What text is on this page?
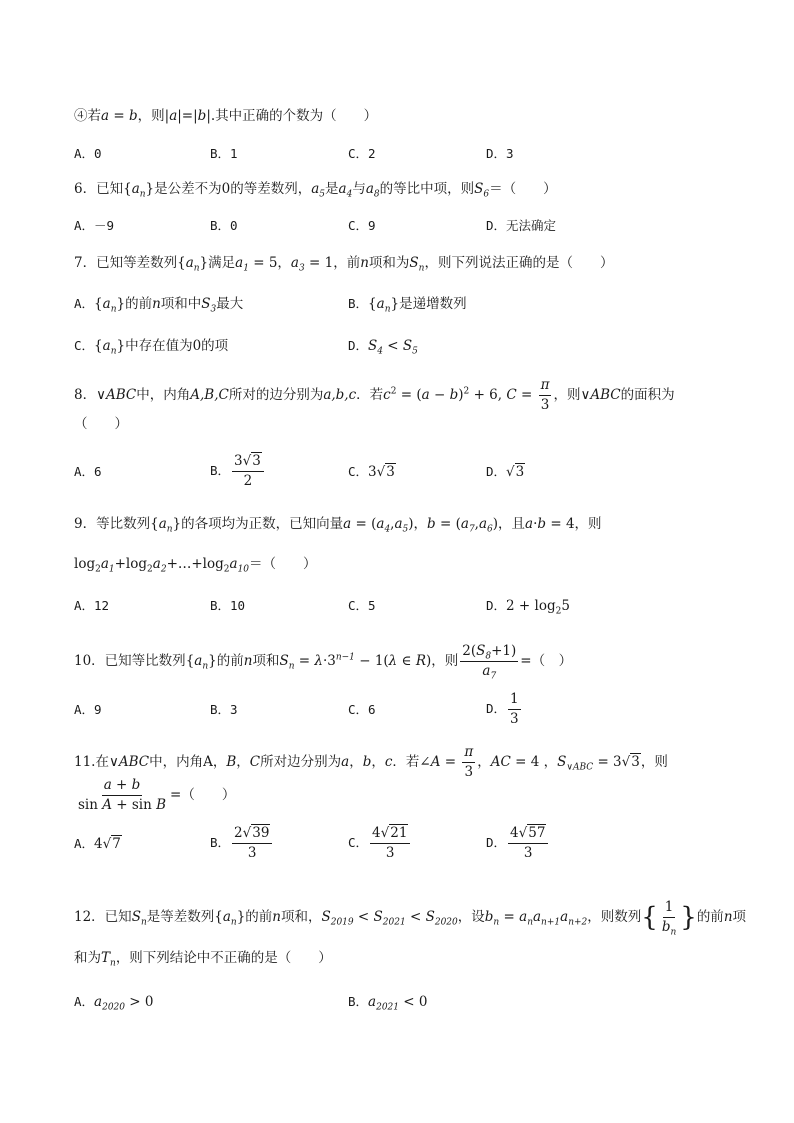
④若a = b，则|a|=|b|.其中正确的个数为（　　）
A．0	B．1	C．2	D．3
6．已知$\{a_n\}$是公差不为0的等差数列，$a_5$是$a_4$与$a_8$的等比中项，则$S_6=$（　　）
A．－9	B．0	C．9	D．无法确定
7．已知等差数列$\{a_n\}$满足$a_1 = 5$，$a_3 = 1$，前n项和为$S_n$，则下列说法正确的是（　　）
A．$\{a_n\}$的前n项和中$S_3$最大	B．$\{a_n\}$是递增数列
C．$\{a_n\}$中存在值为0的项	D．$S_4 < S_5$
8．∨ABC中，内角A,B,C所对的边分别为a,b,c．若$c^2 = (a - b)^2 + 6$, $C = \frac{\pi}{3}$ ，则∨ABC的面积为
（　　）
A．6	B． $\frac{3√3}{2}$	C．3√3	D．√3
9．等比数列$\{a_n\}$的各项均为正数，已知向量$a = (a_4,a_5)$，$b = (a_7,a_6)$，且a·b = 4，则
$\log_2a_1+\log_2a_2+\dots+\log_2a_{10}=$（　　）
A．12	B．10	C．5	D．$2 + \log_25$
10．已知等比数列$\{a_n\}$的前n项和$S_n = \lambda\cdot 3^{n-1} - 1(\lambda$ ∈ R)，则 $\frac{2(S_8+1)}{a_7}$ =（　）
A．9	B．3	C．6	D． $\frac{1}{3}$
11.在∨ABC中，内角A，B，C所对边分别为a，b，c．若∠A = $\frac{\pi}{3}$ ，AC = 4 ，$S_{\vee ABC} = 3√3$，则
$\frac{a + b}{\text{sin A + sin B}}$ =（　　）
A．4√7	B． $\frac{2√39}{3}$	C． $\frac{4√21}{3}$	D． $\frac{4√57}{3}$
12．已知$S_n$是等差数列$\{a_n\}$的前n项和，$S_{2019} < S_{2021} < S_{2020}$，设$b_n = a_na_{n+1}a_{n+2}$，则数列{ $\frac{1}{b_n}$ }的前n项
和为$T_n$，则下列结论中不正确的是（　　）
A．$a_{2020} > 0$	B．$a_{2021} < 0$
